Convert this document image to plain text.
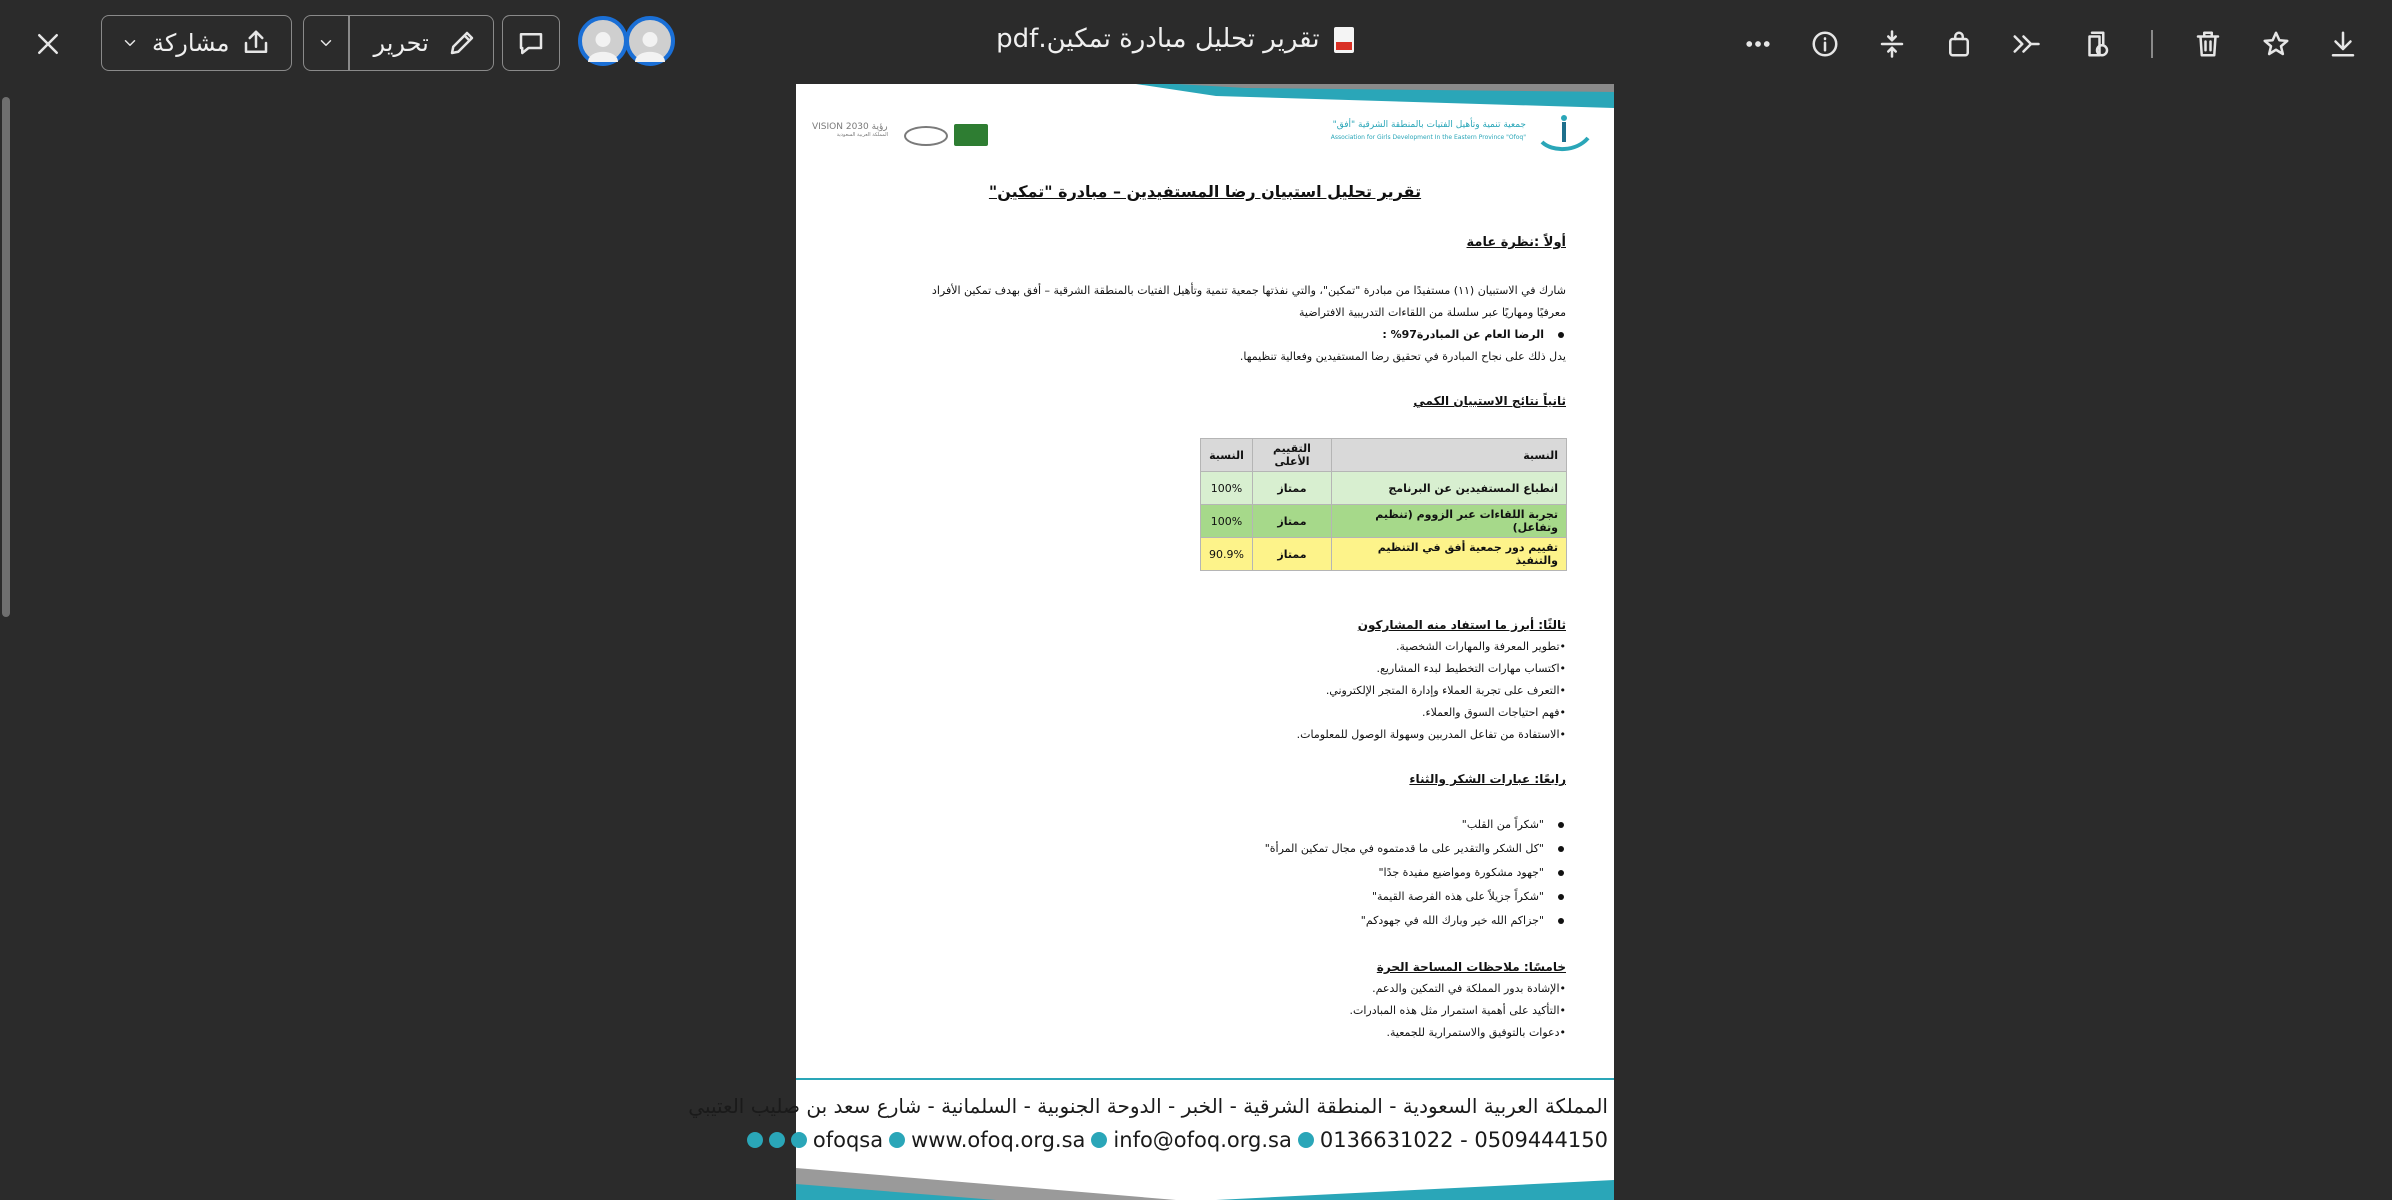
مشاركة	تحرير	تقرير تحليل مبادرة تمكين.pdf
جمعية تنمية وتأهيل الفتيات بالمنطقة الشرقية "أفق"
Association for Girls Development In the Eastern Province "Ofoq"
VISION رؤية 2030
المملكة العربية السعودية
تقرير تحليل استبيان رضا المستفيدين – مبادرة "تمكين"
أولاً :نظرة عامة
شارك في الاستبيان (١١) مستفيدًا من مبادرة "تمكين"، والتي نفذتها جمعية تنمية وتأهيل الفتيات بالمنطقة الشرقية – أفق بهدف تمكين الأفراد
معرفيًا ومهاريًا عبر سلسلة من اللقاءات التدريبية الافتراضية
الرضا العام عن المبادرة97% :
يدل ذلك على نجاح المبادرة في تحقيق رضا المستفيدين وفعالية تنظيمها.
ثانياً نتائج الاستبيان الكمي
النسبة	التقييم الأعلى	النسبة
انطباع المستفيدين عن البرنامج	ممتاز	100%
تجربة اللقاءات عبر الزووم (تنظيم وتفاعل)	ممتاز	100%
تقييم دور جمعية أفق في التنظيم والتنفيذ	ممتاز	90.9%
ثالثًا: أبرز ما استفاد منه المشاركون
•تطوير المعرفة والمهارات الشخصية.
•اكتساب مهارات التخطيط لبدء المشاريع.
•التعرف على تجربة العملاء وإدارة المتجر الإلكتروني.
•فهم احتياجات السوق والعملاء.
•الاستفادة من تفاعل المدربين وسهولة الوصول للمعلومات.
رابعًا: عبارات الشكر والثناء
"شكراً من القلب"
"كل الشكر والتقدير على ما قدمتموه في مجال تمكين المرأة"
"جهود مشكورة ومواضيع مفيدة جدًا"
"شكراً جزيلاً على هذه الفرصة القيمة"
"جزاكم الله خير وبارك الله في جهودكم"
خامسًا: ملاحظات المساحة الحرة
•الإشادة بدور المملكة في التمكين والدعم.
•التأكيد على أهمية استمرار مثل هذه المبادرات.
•دعوات بالتوفيق والاستمرارية للجمعية.
المملكة العربية السعودية - المنطقة الشرقية - الخبر - الدوحة الجنوبية - السلمانية - شارع سعد بن صليب العتيبي
ofoqsa www.ofoq.org.sa info@ofoq.org.sa 0136631022 - 0509444150
